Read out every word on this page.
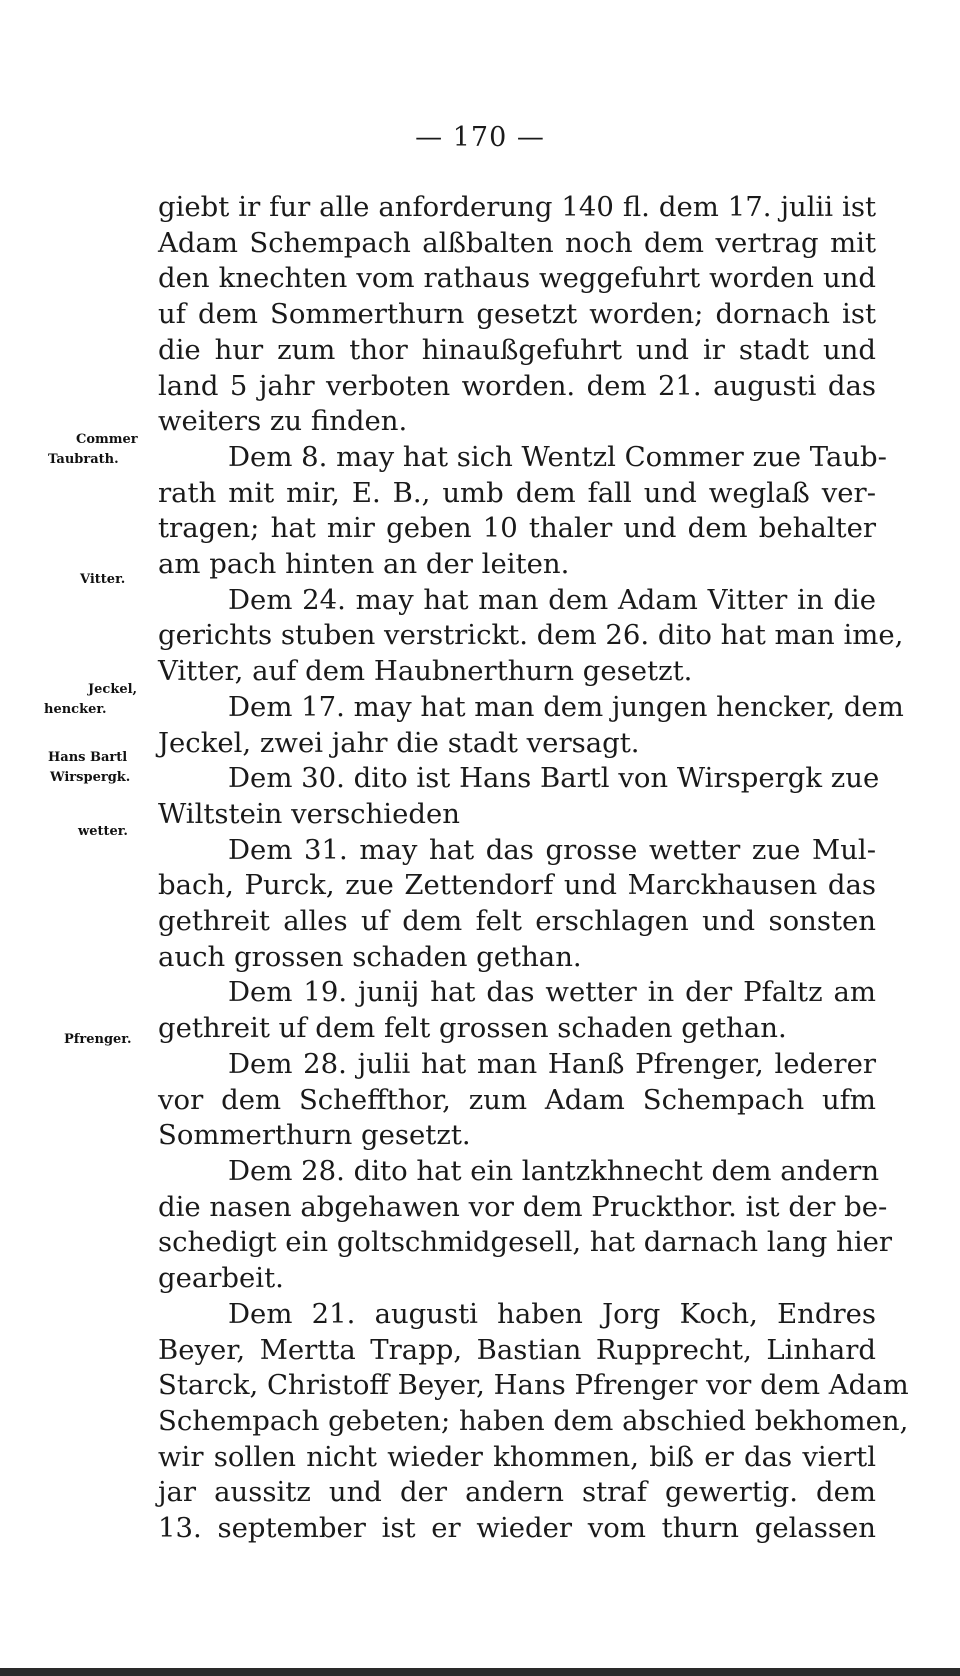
— 170 —
Commer
Taubrath.
Vitter.
Jeckel,
hencker.
Hans Bartl
Wirspergk.
wetter.
Pfrenger.
giebt ir fur alle anforderung 140 fl. dem 17. julii ist
Adam Schempach alßbalten noch dem vertrag mit
den knechten vom rathaus weggefuhrt worden und
uf dem Sommerthurn gesetzt worden; dornach ist
die hur zum thor hinaußgefuhrt und ir stadt und
land 5 jahr verboten worden. dem 21. augusti das
weiters zu finden.
Dem 8. may hat sich Wentzl Commer zue Taub-
rath mit mir, E. B., umb dem fall und weglaß ver-
tragen; hat mir geben 10 thaler und dem behalter
am pach hinten an der leiten.
Dem 24. may hat man dem Adam Vitter in die
gerichts stuben verstrickt. dem 26. dito hat man ime,
Vitter, auf dem Haubnerthurn gesetzt.
Dem 17. may hat man dem jungen hencker, dem
Jeckel, zwei jahr die stadt versagt.
Dem 30. dito ist Hans Bartl von Wirspergk zue
Wiltstein verschieden
Dem 31. may hat das grosse wetter zue Mul-
bach, Purck, zue Zettendorf und Marckhausen das
gethreit alles uf dem felt erschlagen und sonsten
auch grossen schaden gethan.
Dem 19. junij hat das wetter in der Pfaltz am
gethreit uf dem felt grossen schaden gethan.
Dem 28. julii hat man Hanß Pfrenger, lederer
vor dem Scheffthor, zum Adam Schempach ufm
Sommerthurn gesetzt.
Dem 28. dito hat ein lantzkhnecht dem andern
die nasen abgehawen vor dem Pruckthor. ist der be-
schedigt ein goltschmidgesell, hat darnach lang hier
gearbeit.
Dem 21. augusti haben Jorg Koch, Endres
Beyer, Mertta Trapp, Bastian Rupprecht, Linhard
Starck, Christoff Beyer, Hans Pfrenger vor dem Adam
Schempach gebeten; haben dem abschied bekhomen,
wir sollen nicht wieder khommen, biß er das viertl
jar aussitz und der andern straf gewertig. dem
13. september ist er wieder vom thurn gelassen
